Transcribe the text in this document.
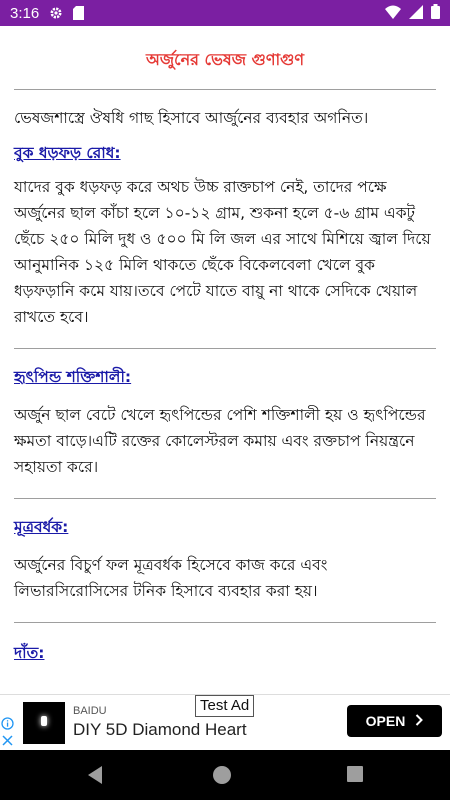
3:16
অর্জুনের ভেষজ গুণাগুণ

ভেষজশাস্ত্রে ঔষধি গাছ হিসাবে আর্জুনের ব্যবহার অগনিত।

বুক ধড়ফড় রোধ:

যাদের বুক ধড়ফড় করে অথচ উচ্চ রাক্তচাপ নেই, তাদের পক্ষে অর্জুনের ছাল কাঁচা হলে ১০-১২ গ্রাম, শুকনা হলে ৫-৬ গ্রাম একটু ছেঁচে ২৫০ মিলি দুধ ও ৫০০ মি লি জল এর সাথে মিশিয়ে জ্বাল দিয়ে আনুমানিক ১২৫ মিলি থাকতে ছেঁকে বিকেলবেলা খেলে বুক ধড়ফড়ানি কমে যায়।তবে পেটে যাতে বায়ু না থাকে সেদিকে খেয়াল রাখতে হবে।

হৃৎপিন্ড শক্তিশালী:

অর্জুন ছাল বেটে খেলে হৃৎপিন্ডের পেশি শক্তিশালী হয় ও হৃৎপিন্ডের ক্ষমতা বাড়ে।এটি রক্তের কোলেস্টরল কমায় এবং রক্তচাপ নিয়ন্ত্রনে সহায়তা করে।

মূত্রবর্ধক:

অর্জুনের বিচুর্ণ ফল মূত্রবর্ধক হিসেবে কাজ করে এবং লিভারসিরোসিসের টনিক হিসাবে ব্যবহার করা হয়।

দাঁত:

Test Ad
BAIDU
DIY 5D Diamond Heart	OPEN
